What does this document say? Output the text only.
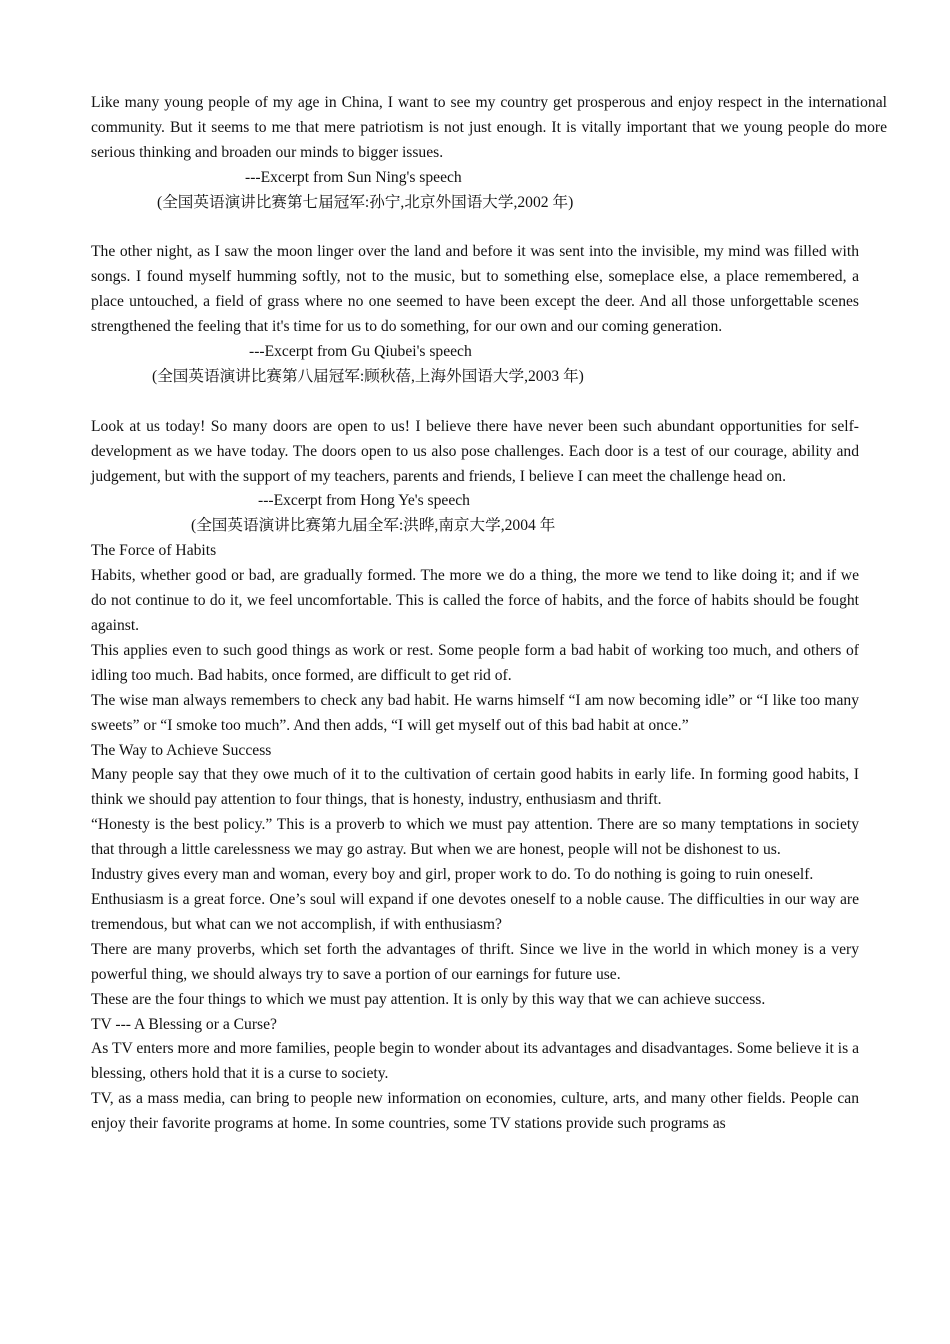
Like many young people of my age in China, I want to see my country get prosperous and enjoy respect in the international community. But it seems to me that mere patriotism is not just enough. It is vitally important that we young people do more serious thinking and broaden our minds to bigger issues.

---Excerpt from Sun Ning's speech

(全国英语演讲比赛第七届冠军:孙宁,北京外国语大学,2002 年)

The other night, as I saw the moon linger over the land and before it was sent into the invisible, my mind was filled with songs. I found myself humming softly, not to the music, but to something else, someplace else, a place remembered, a place untouched, a field of grass where no one seemed to have been except the deer. And all those unforgettable scenes strengthened the feeling that it's time for us to do something, for our own and our coming generation.

---Excerpt from Gu Qiubei's speech

(全国英语演讲比赛第八届冠军:顾秋蓓,上海外国语大学,2003 年)

Look at us today! So many doors are open to us! I believe there have never been such abundant opportunities for self-development as we have today. The doors open to us also pose challenges. Each door is a test of our courage, ability and judgement, but with the support of my teachers, parents and friends, I believe I can meet the challenge head on.

---Excerpt from Hong Ye's speech

(全国英语演讲比赛第九届全军:洪晔,南京大学,2004 年

The Force of Habits

Habits, whether good or bad, are gradually formed. The more we do a thing, the more we tend to like doing it; and if we do not continue to do it, we feel uncomfortable. This is called the force of habits, and the force of habits should be fought against.

This applies even to such good things as work or rest. Some people form a bad habit of working too much, and others of idling too much. Bad habits, once formed, are difficult to get rid of.

The wise man always remembers to check any bad habit. He warns himself “I am now becoming idle” or “I like too many sweets” or “I smoke too much”. And then adds, “I will get myself out of this bad habit at once.”

The Way to Achieve Success

Many people say that they owe much of it to the cultivation of certain good habits in early life. In forming good habits, I think we should pay attention to four things, that is honesty, industry, enthusiasm and thrift.

“Honesty is the best policy.” This is a proverb to which we must pay attention. There are so many temptations in society that through a little carelessness we may go astray. But when we are honest, people will not be dishonest to us.

Industry gives every man and woman, every boy and girl, proper work to do. To do nothing is going to ruin oneself.

Enthusiasm is a great force. One’s soul will expand if one devotes oneself to a noble cause. The difficulties in our way are tremendous, but what can we not accomplish, if with enthusiasm?

There are many proverbs, which set forth the advantages of thrift. Since we live in the world in which money is a very powerful thing, we should always try to save a portion of our earnings for future use.

These are the four things to which we must pay attention. It is only by this way that we can achieve success.

TV --- A Blessing or a Curse?

As TV enters more and more families, people begin to wonder about its advantages and disadvantages. Some believe it is a blessing, others hold that it is a curse to society.

TV, as a mass media, can bring to people new information on economies, culture, arts, and many other fields. People can enjoy their favorite programs at home. In some countries, some TV stations provide such programs as
